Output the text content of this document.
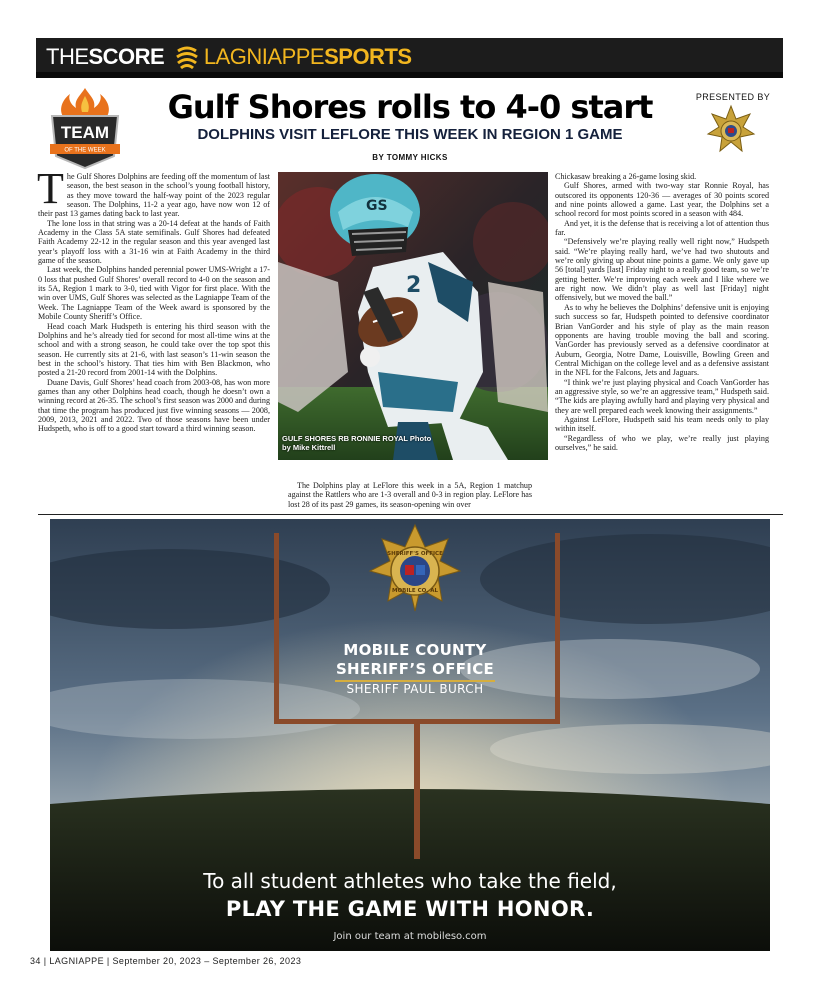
THESCORE LAGNIAPPESPORTS
TEAM
OF THE WEEK
Gulf Shores rolls to 4-0 start
DOLPHINS VISIT LEFLORE THIS WEEK IN REGION 1 GAME
BY TOMMY HICKS
PRESENTED BY
T he Gulf Shores Dolphins are feeding off the momentum of last season, the best season in the school’s young football history, as they move toward the half-way point of the 2023 regular season. The Dolphins, 11-2 a year ago, have now won 12 of their past 13 games dating back to last year.

The lone loss in that string was a 20-14 defeat at the hands of Faith Academy in the Class 5A state semifinals. Gulf Shores had defeated Faith Academy 22-12 in the regular season and this year avenged last year’s playoff loss with a 31-16 win at Faith Academy in the third game of the season.

Last week, the Dolphins handed perennial power UMS-Wright a 17-0 loss that pushed Gulf Shores’ overall record to 4-0 on the season and its 5A, Region 1 mark to 3-0, tied with Vigor for first place. With the win over UMS, Gulf Shores was selected as the Lagniappe Team of the Week. The Lagniappe Team of the Week award is sponsored by the Mobile County Sheriff’s Office.

Head coach Mark Hudspeth is entering his third season with the Dolphins and he’s already tied for second for most all-time wins at the school and with a strong season, he could take over the top spot this season. He currently sits at 21-6, with last season’s 11-win season the best in the school’s history. That ties him with Ben Blackmon, who posted a 21-20 record from 2001-14 with the Dolphins.

Duane Davis, Gulf Shores’ head coach from 2003-08, has won more games than any other Dolphins head coach, though he doesn’t own a winning record at 26-35. The school’s first season was 2000 and during that time the program has produced just five winning seasons — 2008, 2009, 2013, 2021 and 2022. Two of those seasons have been under Hudspeth, who is off to a good start toward a third winning season.

GS
2
GULF SHORES RB RONNIE ROYAL Photo
by Mike Kittrell

The Dolphins play at LeFlore this week in a 5A, Region 1 matchup against the Rattlers who are 1-3 overall and 0-3 in region play. LeFlore has lost 28 of its past 29 games, its season-opening win over

Chickasaw breaking a 26-game losing skid.

Gulf Shores, armed with two-way star Ronnie Royal, has outscored its opponents 120-36 — averages of 30 points scored and nine points allowed a game. Last year, the Dolphins set a school record for most points scored in a season with 484.

And yet, it is the defense that is receiving a lot of attention thus far.

“Defensively we’re playing really well right now,” Hudspeth said. “We’re playing really hard, we’ve had two shutouts and we’re only giving up about nine points a game. We only gave up 56 [total] yards [last] Friday night to a really good team, so we’re getting better. We’re improving each week and I like where we are right now. We didn’t play as well last [Friday] night offensively, but we moved the ball.”

As to why he believes the Dolphins’ defensive unit is enjoying such success so far, Hudspeth pointed to defensive coordinator Brian VanGorder and his style of play as the main reason opponents are having trouble moving the ball and scoring. VanGorder has previously served as a defensive coordinator at Auburn, Georgia, Notre Dame, Louisville, Bowling Green and Central Michigan on the college level and as a defensive assistant in the NFL for the Falcons, Jets and Jaguars.

“I think we’re just playing physical and Coach VanGorder has an aggressive style, so we’re an aggressive team,” Hudspeth said. “The kids are playing awfully hard and playing very physical and they are well prepared each week knowing their assignments.”

Against LeFlore, Hudspeth said his team needs only to play within itself.

“Regardless of who we play, we’re really just playing ourselves,” he said.

SHERIFF'S OFFICE
MOBILE CO. AL
MOBILE COUNTY
SHERIFF’S OFFICE
SHERIFF PAUL BURCH
To all student athletes who take the field,
PLAY THE GAME WITH HONOR.
Join our team at mobileso.com
34 | LAGNIAPPE | September 20, 2023 – September 26, 2023
